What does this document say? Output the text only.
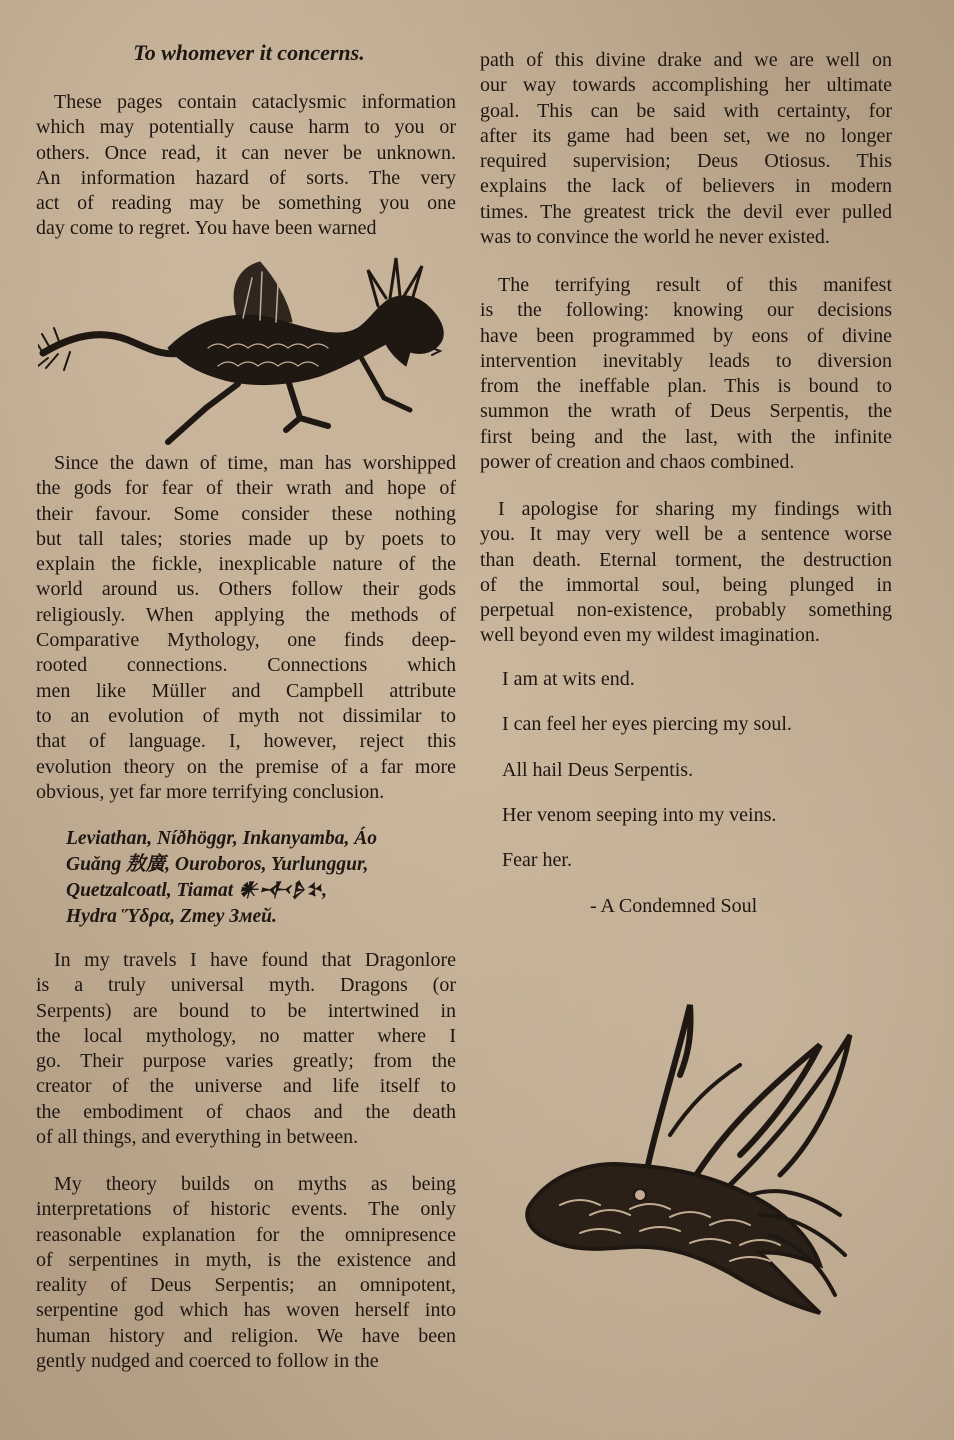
To whomever it concerns.

These pages contain cataclysmic information

which may potentially cause harm to you or

others. Once read, it can never be unknown.

An information hazard of sorts. The very

act of reading may be something you one

day come to regret. You have been warned

Since the dawn of time, man has worshipped

the gods for fear of their wrath and hope of

their favour. Some consider these nothing

but tall tales; stories made up by poets to

explain the fickle, inexplicable nature of the

world around us. Others follow their gods

religiously. When applying the methods of

Comparative Mythology, one finds deep-

rooted connections. Connections which

men like Müller and Campbell attribute

to an evolution of myth not dissimilar to

that of language. I, however, reject this

evolution theory on the premise of a far more

obvious, yet far more terrifying conclusion.

Leviathan, Níðhöggr, Inkanyamba, Áo

Guǎng 敖廣, Ouroboros, Yurlunggur,

Quetzalcoatl, Tiamat 𒀭𒋾𒊩𒆳,

Hydra Ὕδρα, Zmey Змей.

In my travels I have found that Dragonlore

is a truly universal myth. Dragons (or

Serpents) are bound to be intertwined in

the local mythology, no matter where I

go. Their purpose varies greatly; from the

creator of the universe and life itself to

the embodiment of chaos and the death

of all things, and everything in between.

My theory builds on myths as being

interpretations of historic events. The only

reasonable explanation for the omnipresence

of serpentines in myth, is the existence and

reality of Deus Serpentis; an omnipotent,

serpentine god which has woven herself into

human history and religion. We have been

gently nudged and coerced to follow in the

path of this divine drake and we are well on

our way towards accomplishing her ultimate

goal. This can be said with certainty, for

after its game had been set, we no longer

required supervision; Deus Otiosus. This

explains the lack of believers in modern

times. The greatest trick the devil ever pulled

was to convince the world he never existed.

The terrifying result of this manifest

is the following: knowing our decisions

have been programmed by eons of divine

intervention inevitably leads to diversion

from the ineffable plan. This is bound to

summon the wrath of Deus Serpentis, the

first being and the last, with the infinite

power of creation and chaos combined.

I apologise for sharing my findings with

you. It may very well be a sentence worse

than death. Eternal torment, the destruction

of the immortal soul, being plunged in

perpetual non-existence, probably something

well beyond even my wildest imagination.

I am at wits end.

I can feel her eyes piercing my soul.

All hail Deus Serpentis.

Her venom seeping into my veins.

Fear her.

- A Condemned Soul
